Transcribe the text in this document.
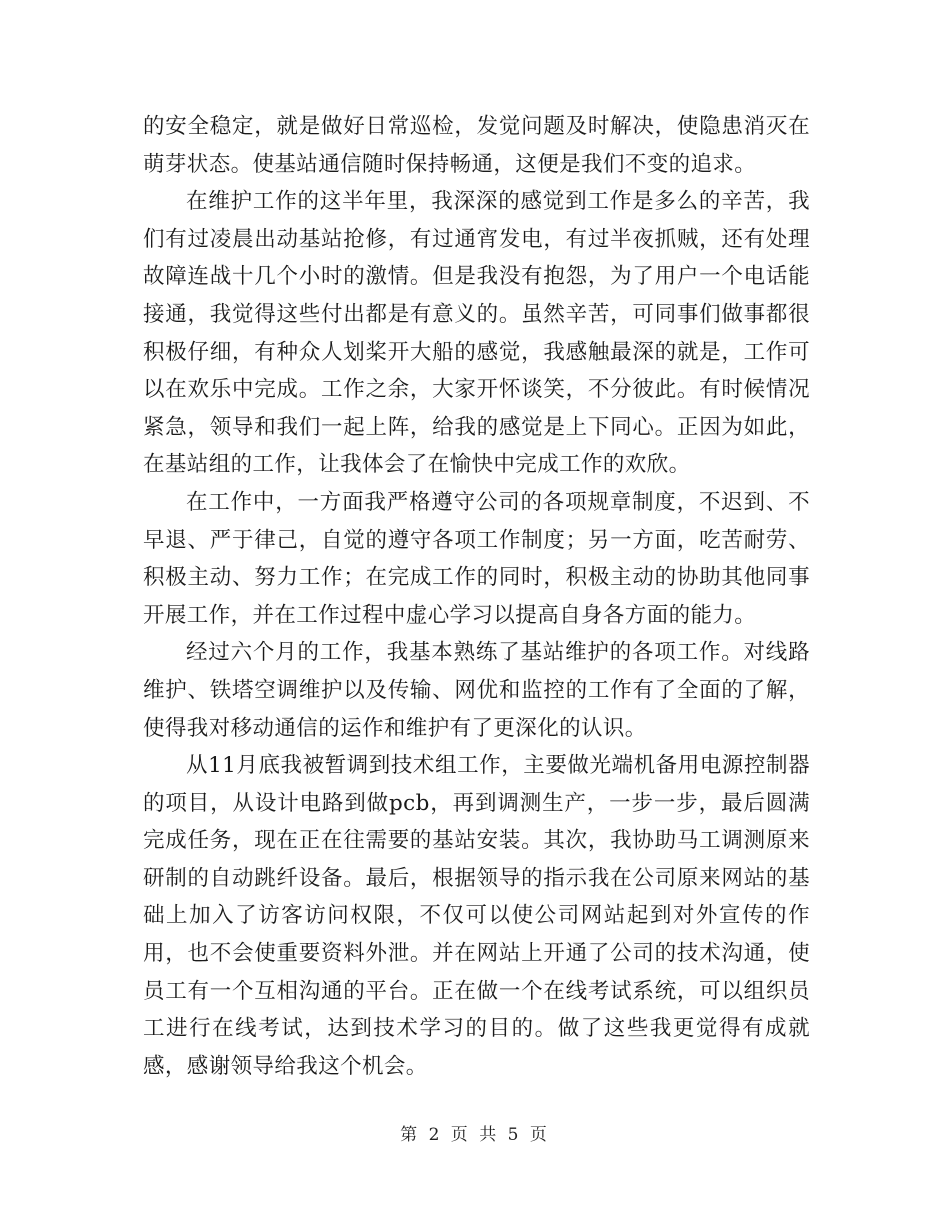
的安全稳定，就是做好日常巡检，发觉问题及时解决，使隐患消灭在萌芽状态。使基站通信随时保持畅通，这便是我们不变的追求。

在维护工作的这半年里，我深深的感觉到工作是多么的辛苦，我们有过凌晨出动基站抢修，有过通宵发电，有过半夜抓贼，还有处理故障连战十几个小时的激情。但是我没有抱怨，为了用户一个电话能接通，我觉得这些付出都是有意义的。虽然辛苦，可同事们做事都很积极仔细，有种众人划桨开大船的感觉，我感触最深的就是，工作可以在欢乐中完成。工作之余，大家开怀谈笑，不分彼此。有时候情况紧急，领导和我们一起上阵，给我的感觉是上下同心。正因为如此，在基站组的工作，让我体会了在愉快中完成工作的欢欣。

在工作中，一方面我严格遵守公司的各项规章制度，不迟到、不早退、严于律己，自觉的遵守各项工作制度；另一方面，吃苦耐劳、积极主动、努力工作；在完成工作的同时，积极主动的协助其他同事开展工作，并在工作过程中虚心学习以提高自身各方面的能力。

经过六个月的工作，我基本熟练了基站维护的各项工作。对线路维护、铁塔空调维护以及传输、网优和监控的工作有了全面的了解，使得我对移动通信的运作和维护有了更深化的认识。

从11月底我被暂调到技术组工作，主要做光端机备用电源控制器的项目，从设计电路到做pcb，再到调测生产，一步一步，最后圆满完成任务，现在正在往需要的基站安装。其次，我协助马工调测原来研制的自动跳纤设备。最后，根据领导的指示我在公司原来网站的基础上加入了访客访问权限，不仅可以使公司网站起到对外宣传的作用，也不会使重要资料外泄。并在网站上开通了公司的技术沟通，使员工有一个互相沟通的平台。正在做一个在线考试系统，可以组织员工进行在线考试，达到技术学习的目的。做了这些我更觉得有成就感，感谢领导给我这个机会。

第 2 页 共 5 页
